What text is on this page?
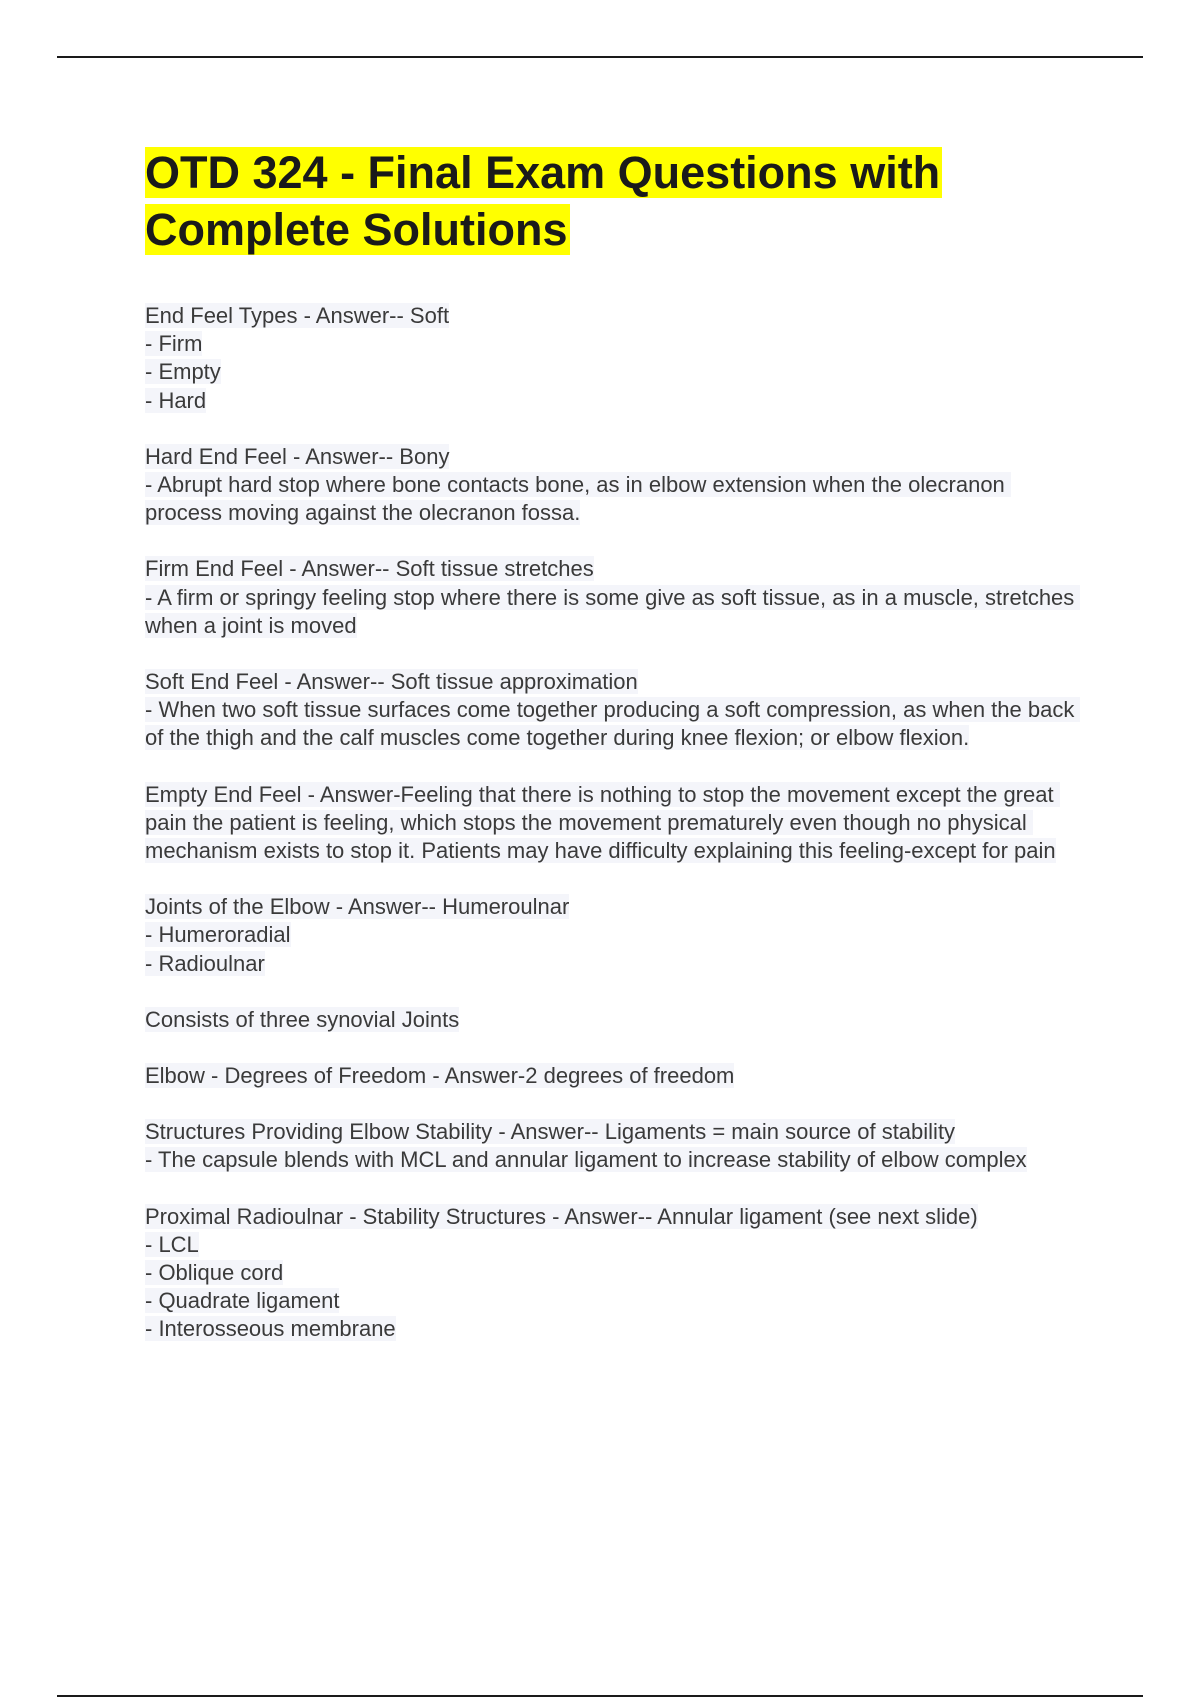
OTD 324 - Final Exam Questions with
Complete Solutions
End Feel Types - Answer-- Soft
- Firm
- Empty
- Hard
Hard End Feel - Answer-- Bony
- Abrupt hard stop where bone contacts bone, as in elbow extension when the olecranon process moving against the olecranon fossa.
Firm End Feel - Answer-- Soft tissue stretches
- A firm or springy feeling stop where there is some give as soft tissue, as in a muscle, stretches when a joint is moved
Soft End Feel - Answer-- Soft tissue approximation
- When two soft tissue surfaces come together producing a soft compression, as when the back of the thigh and the calf muscles come together during knee flexion; or elbow flexion.
Empty End Feel - Answer-Feeling that there is nothing to stop the movement except the great pain the patient is feeling, which stops the movement prematurely even though no physical mechanism exists to stop it. Patients may have difficulty explaining this feeling-except for pain
Joints of the Elbow - Answer-- Humeroulnar
- Humeroradial
- Radioulnar
Consists of three synovial Joints
Elbow - Degrees of Freedom - Answer-2 degrees of freedom
Structures Providing Elbow Stability - Answer-- Ligaments = main source of stability
- The capsule blends with MCL and annular ligament to increase stability of elbow complex
Proximal Radioulnar - Stability Structures - Answer-- Annular ligament (see next slide)
- LCL
- Oblique cord
- Quadrate ligament
- Interosseous membrane
